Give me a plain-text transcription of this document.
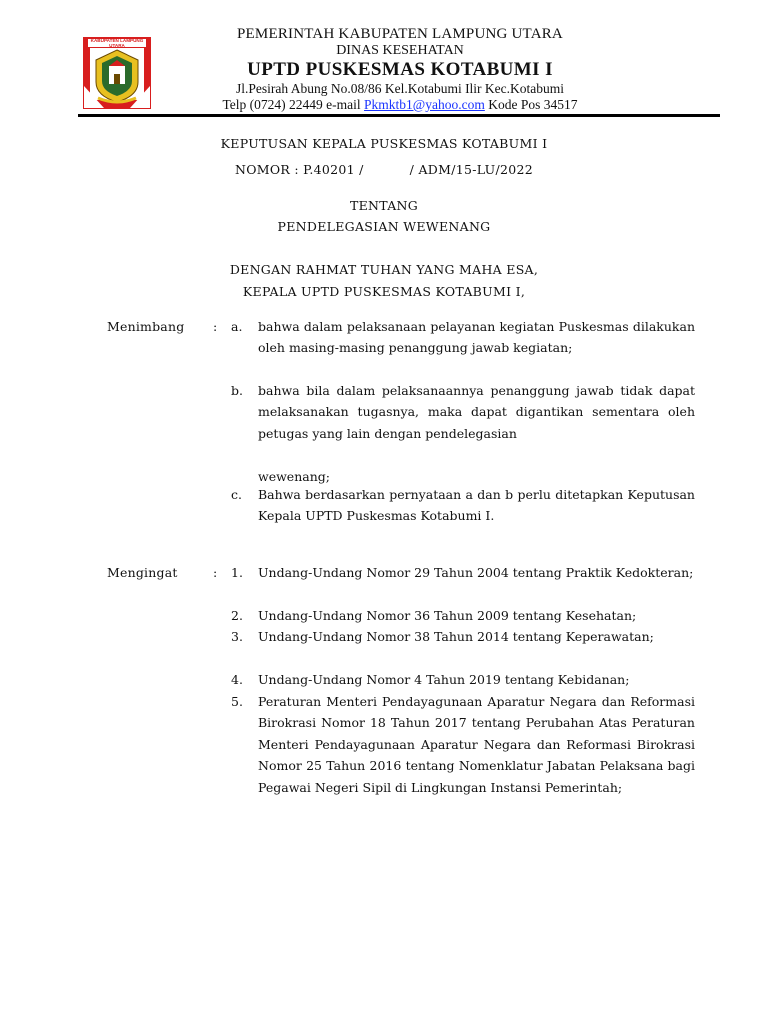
KABUPATEN LAMPUNG UTARA
PEMERINTAH KABUPATEN LAMPUNG UTARA
DINAS KESEHATAN
UPTD PUSKESMAS KOTABUMI I
Jl.Pesirah Abung No.08/86 Kel.Kotabumi Ilir Kec.Kotabumi
Telp (0724) 22449 e-mail Pkmktb1@yahoo.com Kode Pos 34517
KEPUTUSAN KEPALA PUSKESMAS KOTABUMI I
NOMOR : P.40201 /	/ ADM/15-LU/2022
TENTANG
PENDELEGASIAN WEWENANG
DENGAN RAHMAT TUHAN YANG MAHA ESA,
KEPALA UPTD PUSKESMAS KOTABUMI I,
Menimbang : a. bahwa dalam pelaksanaan pelayanan kegiatan Puskesmas dilakukan oleh masing-masing penanggung jawab kegiatan;
b. bahwa bila dalam pelaksanaannya penanggung jawab tidak dapat melaksanakan tugasnya, maka dapat digantikan sementara oleh petugas yang lain dengan pendelegasian
wewenang;
c. Bahwa berdasarkan pernyataan a dan b perlu ditetapkan Keputusan Kepala UPTD Puskesmas Kotabumi I.
Mengingat	: 1. Undang-Undang Nomor 29 Tahun 2004 tentang Praktik Kedokteran;
2. Undang-Undang Nomor 36 Tahun 2009 tentang Kesehatan;
3. Undang-Undang Nomor 38 Tahun 2014 tentang Keperawatan;
4. Undang-Undang Nomor 4 Tahun 2019 tentang Kebidanan;
5. Peraturan Menteri Pendayagunaan Aparatur Negara dan Reformasi Birokrasi Nomor 18 Tahun 2017 tentang Perubahan Atas Peraturan Menteri Pendayagunaan Aparatur Negara dan Reformasi Birokrasi Nomor 25 Tahun 2016 tentang Nomenklatur Jabatan Pelaksana bagi Pegawai Negeri Sipil di Lingkungan Instansi Pemerintah;
